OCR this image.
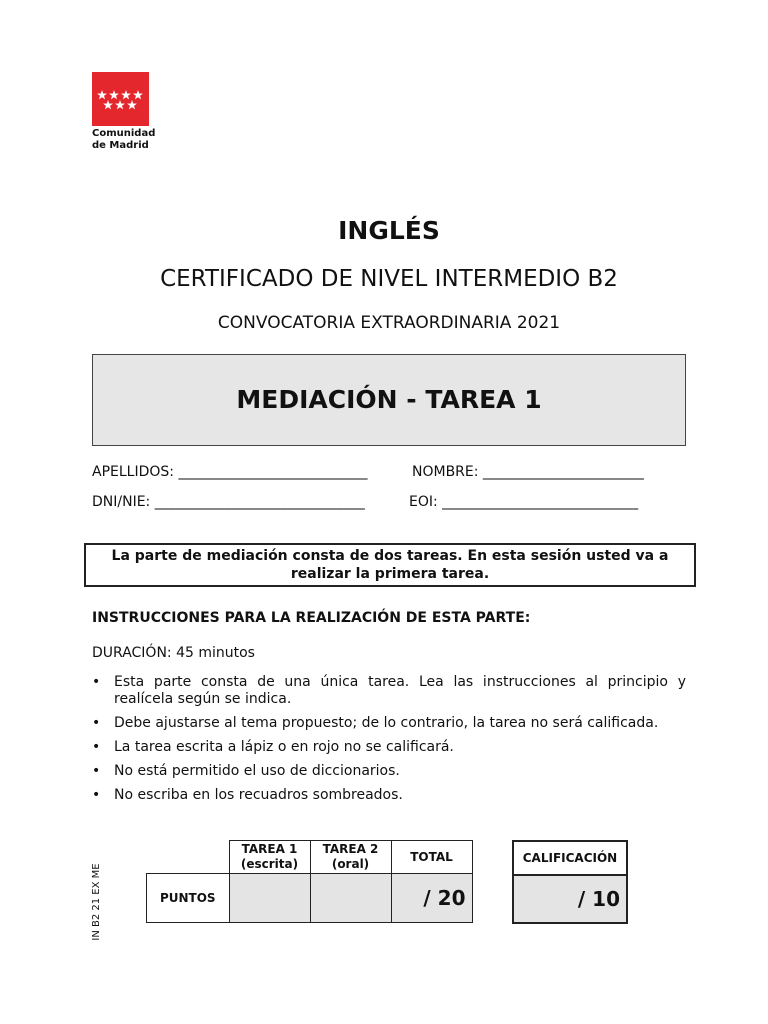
Comunidad
de Madrid
INGLÉS
CERTIFICADO DE NIVEL INTERMEDIO B2
CONVOCATORIA EXTRAORDINARIA 2021
MEDIACIÓN - TAREA 1
APELLIDOS: ___________________________	NOMBRE: _______________________
DNI/NIE: ______________________________	EOI: ____________________________
La parte de mediación consta de dos tareas. En esta sesión usted va a realizar la primera tarea.
INSTRUCCIONES PARA LA REALIZACIÓN DE ESTA PARTE:
DURACIÓN: 45 minutos
• Esta parte consta de una única tarea. Lea las instrucciones al principio y realícela según se indica.
• Debe ajustarse al tema propuesto; de lo contrario, la tarea no será calificada.
• La tarea escrita a lápiz o en rojo no se calificará.
• No está permitido el uso de diccionarios.
• No escriba en los recuadros sombreados.
IN B2 21 EX ME
	TAREA 1 (escrita)	TAREA 2 (oral)	TOTAL
PUNTOS			/ 20
CALIFICACIÓN
/ 10
